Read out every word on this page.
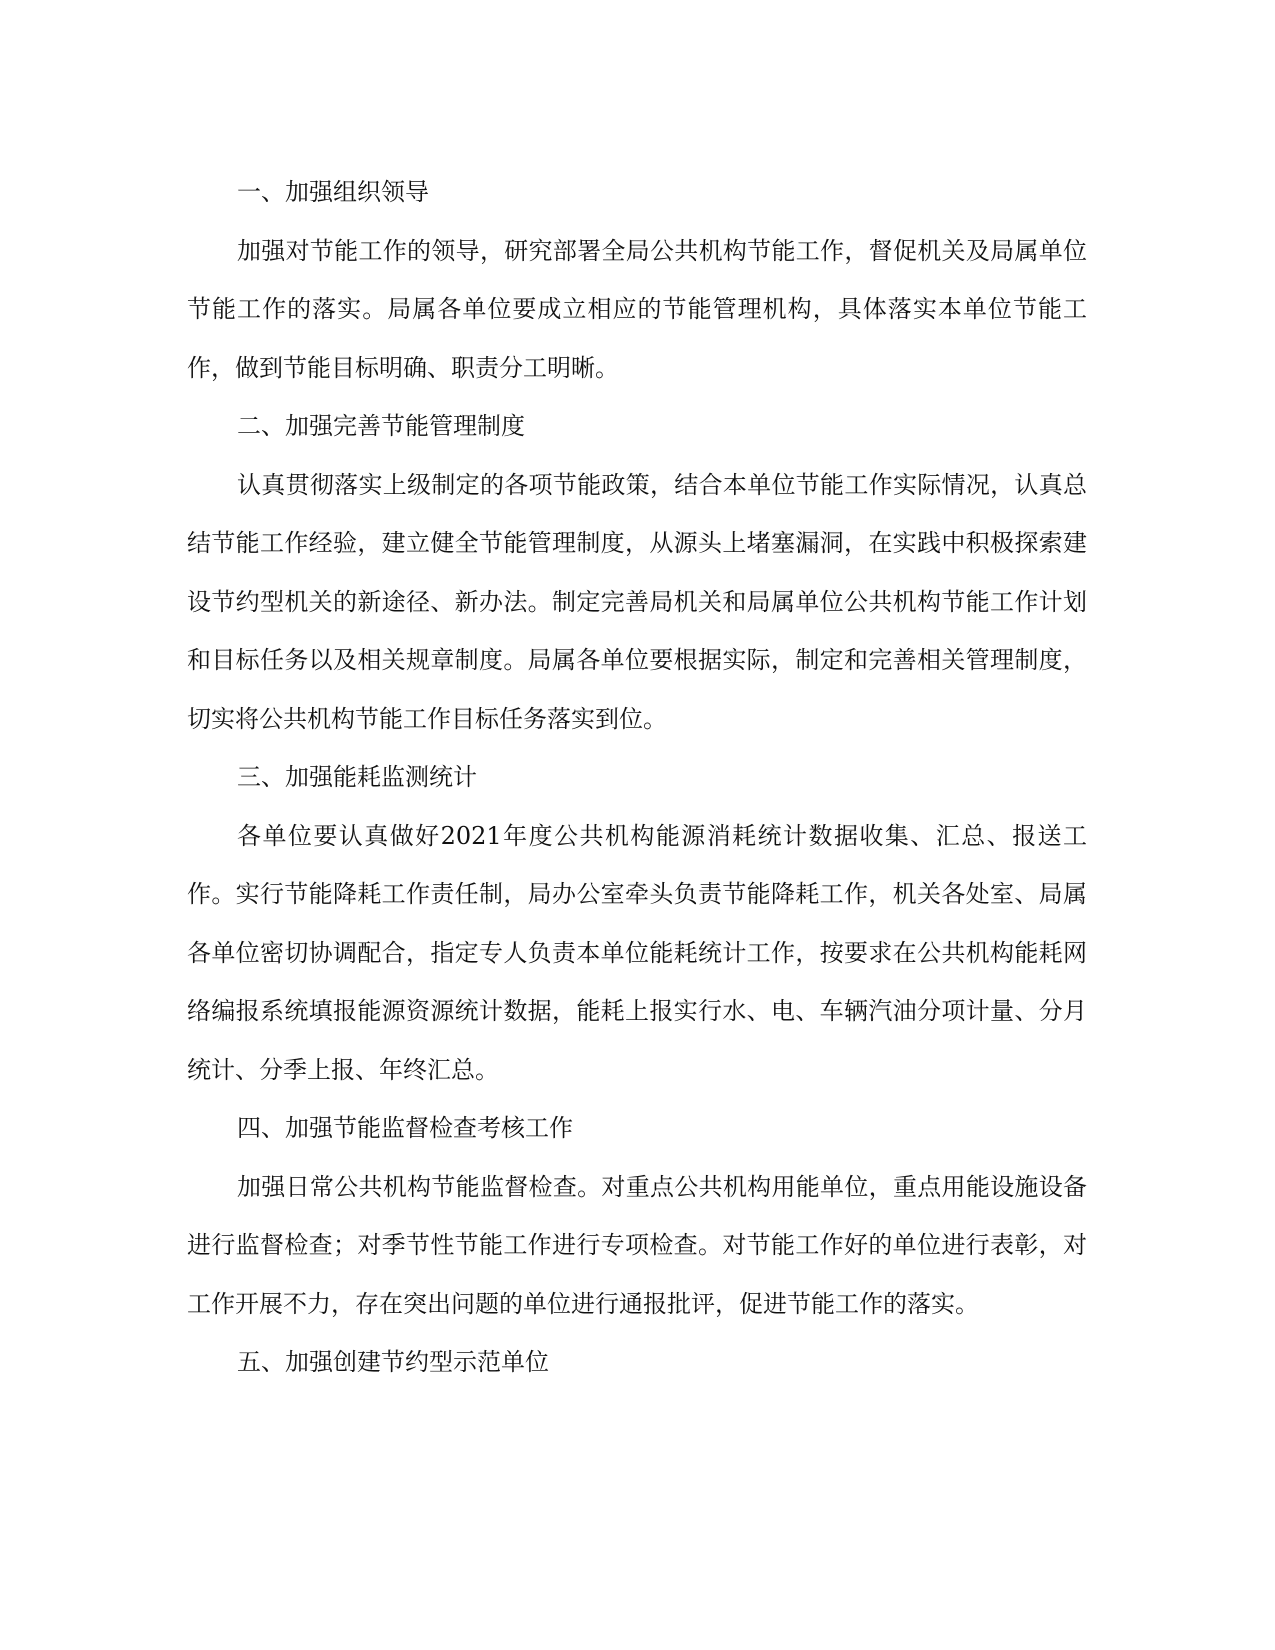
一、加强组织领导

加强对节能工作的领导，研究部署全局公共机构节能工作，督促机关及局属单位节能工作的落实。局属各单位要成立相应的节能管理机构，具体落实本单位节能工作，做到节能目标明确、职责分工明晰。

二、加强完善节能管理制度

认真贯彻落实上级制定的各项节能政策，结合本单位节能工作实际情况，认真总结节能工作经验，建立健全节能管理制度，从源头上堵塞漏洞，在实践中积极探索建设节约型机关的新途径、新办法。制定完善局机关和局属单位公共机构节能工作计划和目标任务以及相关规章制度。局属各单位要根据实际，制定和完善相关管理制度，切实将公共机构节能工作目标任务落实到位。

三、加强能耗监测统计

各单位要认真做好2021年度公共机构能源消耗统计数据收集、汇总、报送工作。实行节能降耗工作责任制，局办公室牵头负责节能降耗工作，机关各处室、局属各单位密切协调配合，指定专人负责本单位能耗统计工作，按要求在公共机构能耗网络编报系统填报能源资源统计数据，能耗上报实行水、电、车辆汽油分项计量、分月统计、分季上报、年终汇总。

四、加强节能监督检查考核工作

加强日常公共机构节能监督检查。对重点公共机构用能单位，重点用能设施设备进行监督检查；对季节性节能工作进行专项检查。对节能工作好的单位进行表彰，对工作开展不力，存在突出问题的单位进行通报批评，促进节能工作的落实。

五、加强创建节约型示范单位
